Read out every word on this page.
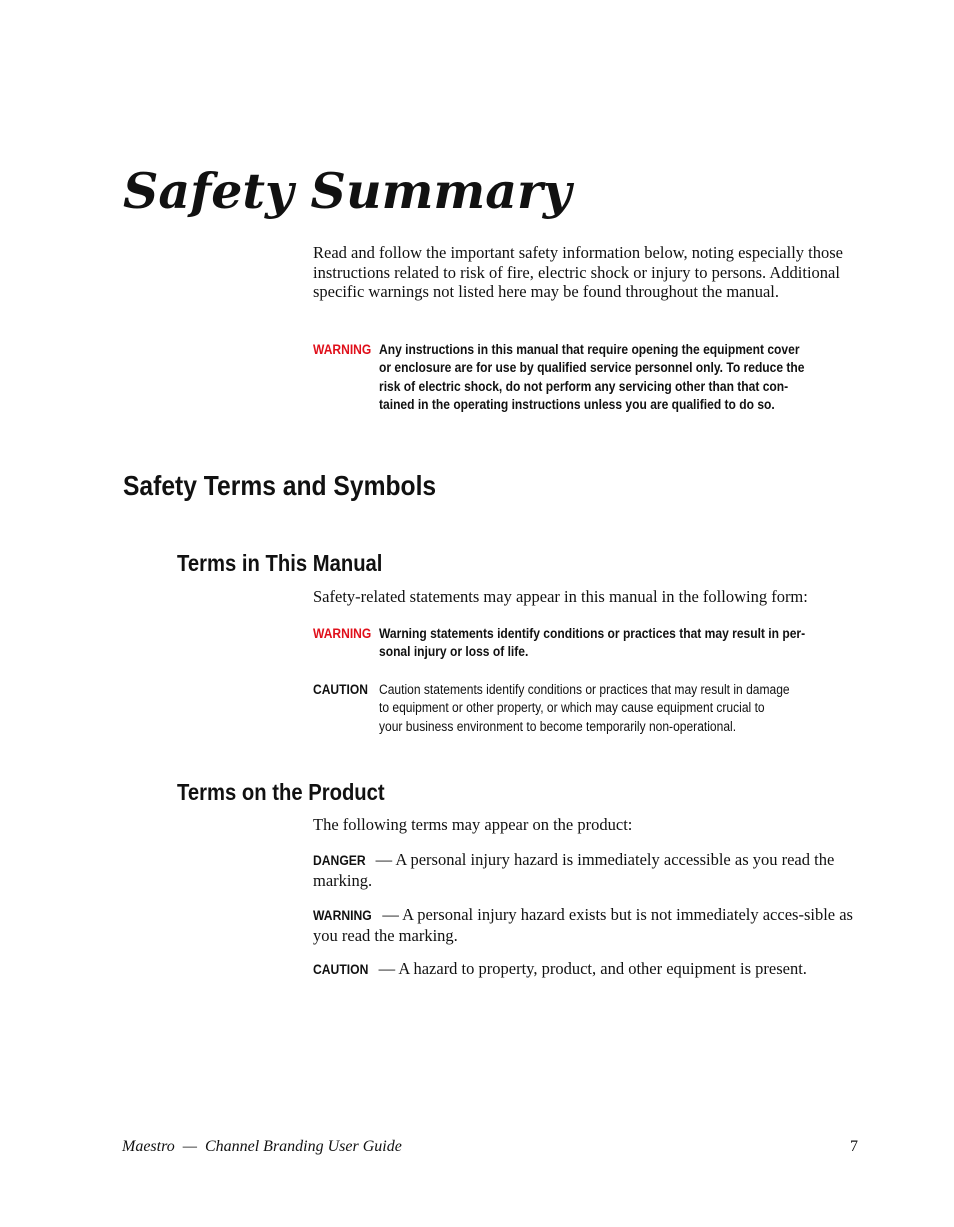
Safety Summary

Read and follow the important safety information below, noting especially those instructions related to risk of fire, electric shock or injury to persons. Additional specific warnings not listed here may be found throughout the manual.

WARNING Any instructions in this manual that require opening the equipment cover
or enclosure are for use by qualified service personnel only. To reduce the
risk of electric shock, do not perform any servicing other than that con-
tained in the operating instructions unless you are qualified to do so.
Safety Terms and Symbols
Terms in This Manual

Safety-related statements may appear in this manual in the following form:

WARNING Warning statements identify conditions or practices that may result in per-
sonal injury or loss of life.
CAUTION Caution statements identify conditions or practices that may result in damage
to equipment or other property, or which may cause equipment crucial to
your business environment to become temporarily non-operational.
Terms on the Product

The following terms may appear on the product:

DANGER — A personal injury hazard is immediately accessible as you read the marking.

WARNING — A personal injury hazard exists but is not immediately acces-sible as you read the marking.

CAUTION — A hazard to property, product, and other equipment is present.

Maestro  —  Channel Branding User Guide	7
